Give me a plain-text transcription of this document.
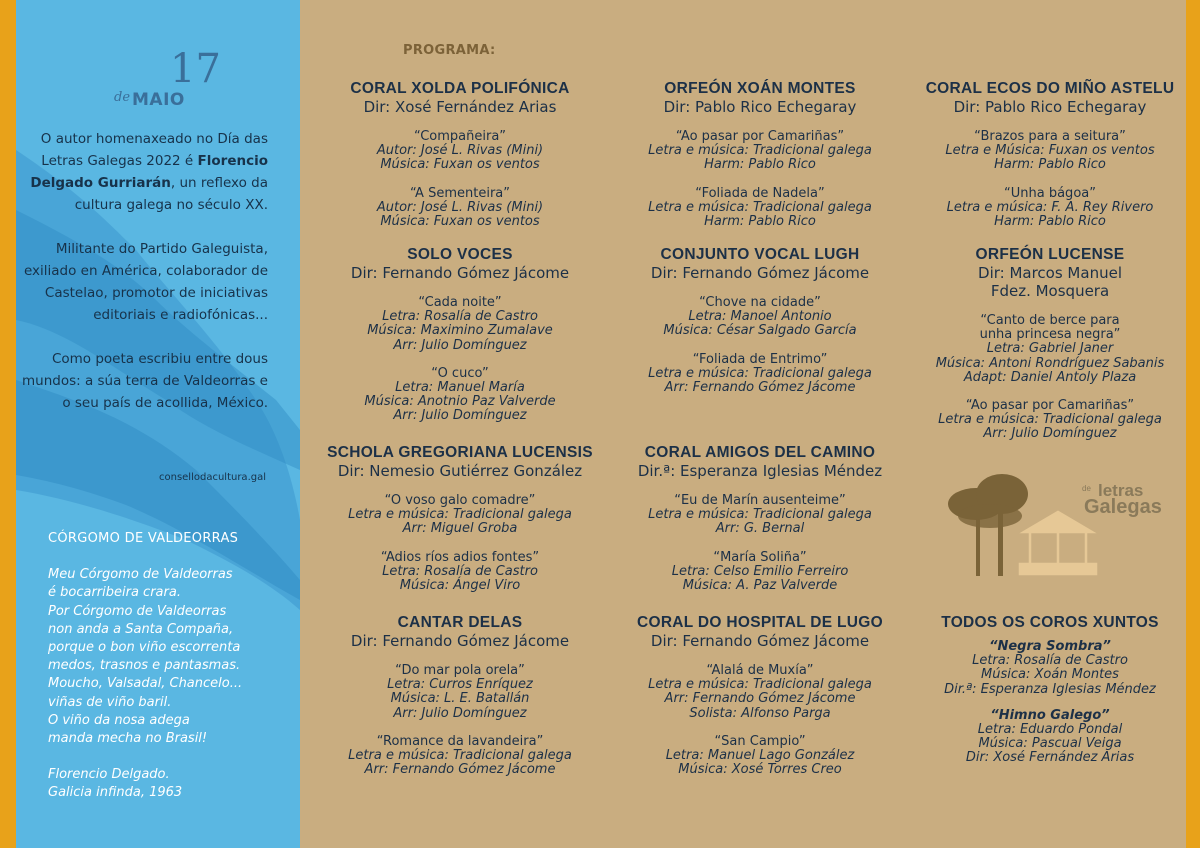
de MAIO
17

O autor homenaxeado no Día das Letras Galegas 2022 é Florencio Delgado Gurriarán, un reflexo da cultura galega no século XX.

Militante do Partido Galeguista, exiliado en América, colaborador de Castelao, promotor de iniciativas editoriais e radiofónicas...

Como poeta escribiu entre dous mundos: a súa terra de Valdeorras e o seu país de acollida, México.

consellodacultura.gal
CÓRGOMO DE VALDEORRAS
Meu Córgomo de Valdeorras
é bocarribeira crara.
Por Córgomo de Valdeorras
non anda a Santa Compaña,
porque o bon viño escorrenta
medos, trasnos e pantasmas.
Moucho, Valsadal, Chancelo...
viñas de viño baril.
O viño da nosa adega
manda mecha no Brasil!
Florencio Delgado.
Galicia infinda, 1963
PROGRAMA:
CORAL XOLDA POLIFÓNICA
Dir: Xosé Fernández Arias
“Compañeira”
Autor: José L. Rivas (Mini)
Música: Fuxan os ventos
“A Sementeira”
Autor: José L. Rivas (Mini)
Música: Fuxan os ventos
ORFEÓN XOÁN MONTES
Dir: Pablo Rico Echegaray
“Ao pasar por Camariñas”
Letra e música: Tradicional galega
Harm: Pablo Rico
“Foliada de Nadela”
Letra e música: Tradicional galega
Harm: Pablo Rico
CORAL ECOS DO MIÑO ASTELU
Dir: Pablo Rico Echegaray
“Brazos para a seitura”
Letra e Música: Fuxan os ventos
Harm: Pablo Rico
“Unha bágoa”
Letra e música: F. A. Rey Rivero
Harm: Pablo Rico
SOLO VOCES
Dir: Fernando Gómez Jácome
“Cada noite”
Letra: Rosalía de Castro
Música: Maximino Zumalave
Arr: Julio Domínguez
“O cuco”
Letra: Manuel María
Música: Anotnio Paz Valverde
Arr: Julio Domínguez
CONJUNTO VOCAL LUGH
Dir: Fernando Gómez Jácome
“Chove na cidade”
Letra: Manoel Antonio
Música: César Salgado García
“Foliada de Entrimo”
Letra e música: Tradicional galega
Arr: Fernando Gómez Jácome
ORFEÓN LUCENSE
Dir: Marcos Manuel
Fdez. Mosquera
“Canto de berce para
unha princesa negra”
Letra: Gabriel Janer
Música: Antoni Rondríguez Sabanis
Adapt: Daniel Antoly Plaza
“Ao pasar por Camariñas”
Letra e música: Tradicional galega
Arr: Julio Domínguez
SCHOLA GREGORIANA LUCENSIS
Dir: Nemesio Gutiérrez González
“O voso galo comadre”
Letra e música: Tradicional galega
Arr: Miguel Groba
“Adios ríos adios fontes”
Letra: Rosalía de Castro
Música: Ángel Viro
CORAL AMIGOS DEL CAMINO
Dir.ª: Esperanza Iglesias Méndez
“Eu de Marín ausenteime”
Letra e música: Tradicional galega
Arr: G. Bernal
“María Soliña”
Letra: Celso Emilio Ferreiro
Música: A. Paz Valverde
CANTAR DELAS
Dir: Fernando Gómez Jácome
“Do mar pola orela”
Letra: Curros Enríquez
Música: L. E. Batallán
Arr: Julio Domínguez
“Romance da lavandeira”
Letra e música: Tradicional galega
Arr: Fernando Gómez Jácome
CORAL DO HOSPITAL DE LUGO
Dir: Fernando Gómez Jácome
“Alalá de Muxía”
Letra e música: Tradicional galega
Arr: Fernando Gómez Jácome
Solista: Alfonso Parga
“San Campio”
Letra: Manuel Lago González
Música: Xosé Torres Creo
TODOS OS COROS XUNTOS
“Negra Sombra”
Letra: Rosalía de Castro
Música: Xoán Montes
Dir.ª: Esperanza Iglesias Méndez
“Himno Galego”
Letra: Eduardo Pondal
Música: Pascual Veiga
Dir: Xosé Fernández Arias
de letras
Galegas
